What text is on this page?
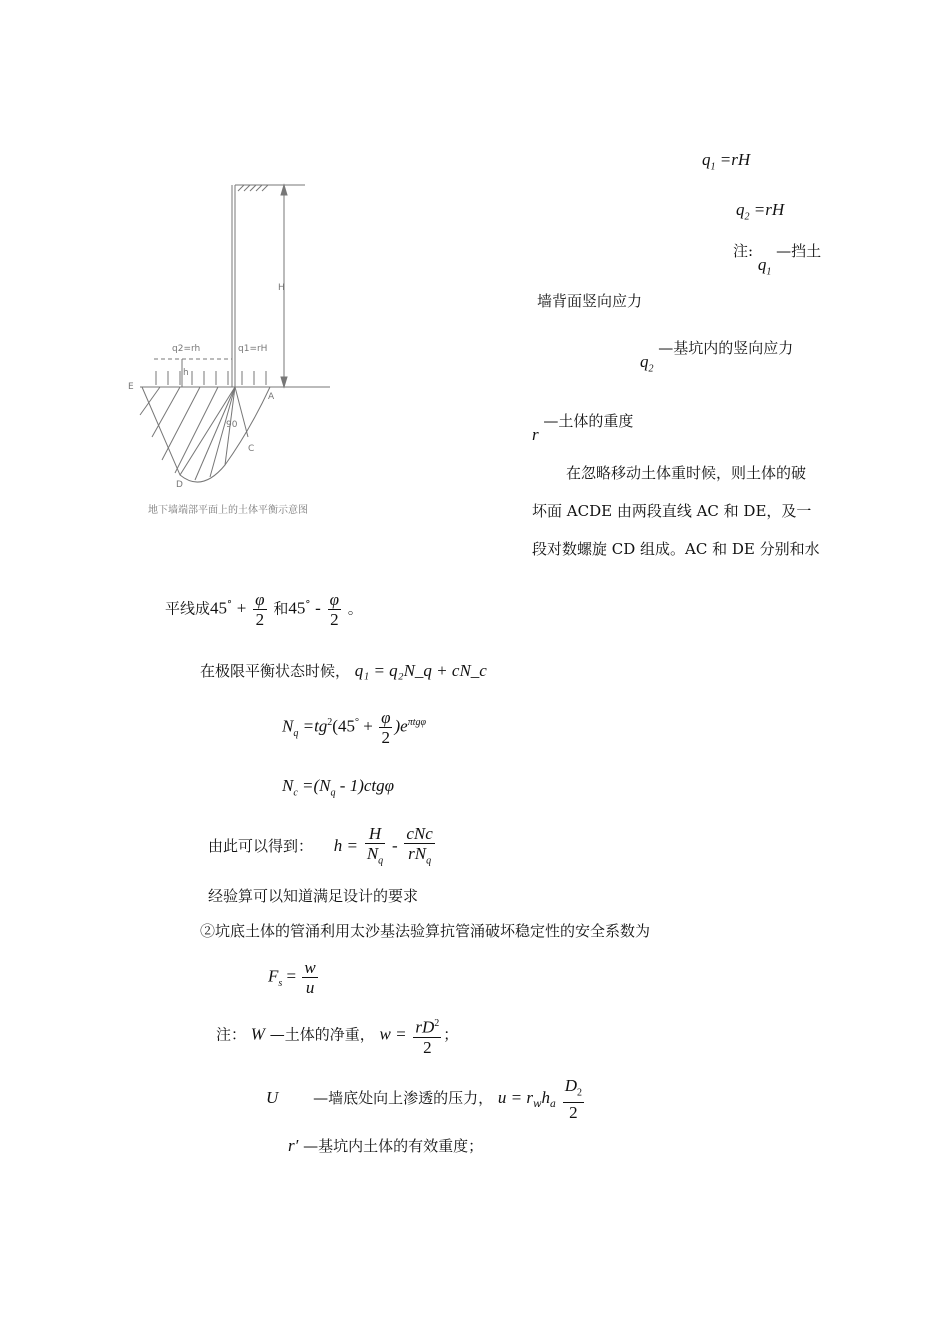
q2=rh	q1=rH
H
h
90
A
C
D
E
地下墙端部平面上的土体平衡示意图
$q_1 =rH$
$q_2 =rH$
注: $q_1$ —挡土
墙背面竖向应力
$q_2$ —基坑内的竖向应力
r —土体的重度
在忽略移动土体重时候，则土体的破
坏面 ACDE 由两段直线 AC 和 DE，及一
段对数螺旋 CD 组成。AC 和 DE 分别和水
平线成$45^\circ + \frac{\varphi}{2}$ 和$45^\circ - \frac{\varphi}{2}$ 。
在极限平衡状态时候， q₁ = q₂N_q + cN_c
$N_q =tg^2(45^\circ + \frac{\varphi}{2} )e^{\pi tg\varphi}$
$N_c =(N_q - 1)ctg\varphi$
由此可以得到： $h = \frac{H}{N_q} - \frac{\text{cNc}}{rN_q}$
经验算可以知道满足设计的要求
②坑底土体的管涌利用太沙基法验算抗管涌破坏稳定性的安全系数为
$F_s = \frac{w}{u}$
注： W —土体的净重， $w = \frac{rD^2}{2}$ ；
U —墙底处向上渗透的压力， $u = r_wh_a \frac{D_2}{2}$
r′ —基坑内土体的有效重度；
